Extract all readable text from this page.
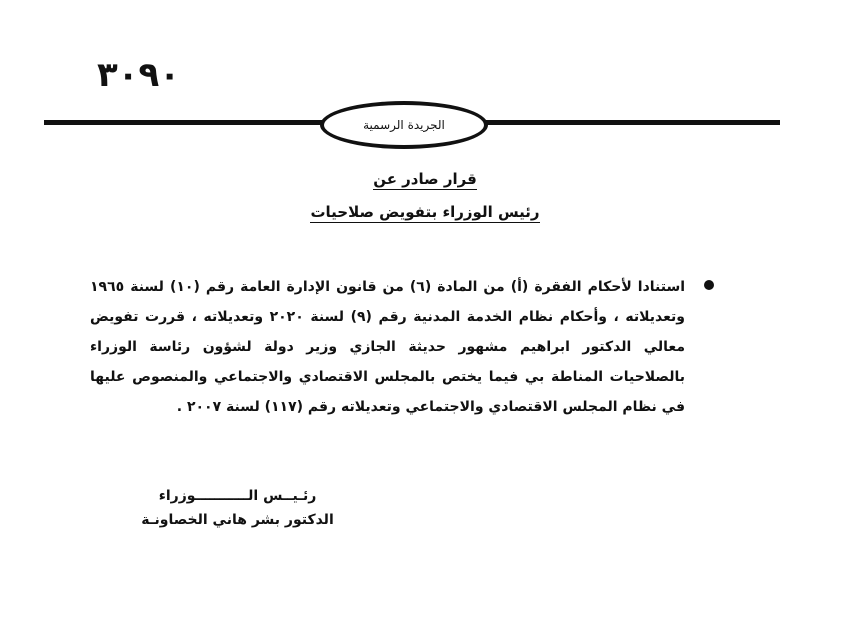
٣٠٩٠
الجريدة الرسمية
قرار صادر عن
رئيس الوزراء بتفويض صلاحيات
استنادا لأحكام الفقرة (أ) من المادة (٦) من قانون الإدارة العامة رقم (١٠) لسنة ١٩٦٥ وتعديلاته ، وأحكام نظام الخدمة المدنية رقم (٩) لسنة ٢٠٢٠ وتعديلاته ، قررت تفويض معالي الدكتور ابراهيم مشهور حديثة الجازي وزير دولة لشؤون رئاسة الوزراء بالصلاحيات المناطة بي فيما يختص بالمجلس الاقتصادي والاجتماعي والمنصوص عليها في نظام المجلس الاقتصادي والاجتماعي وتعديلاته رقم (١١٧) لسنة ٢٠٠٧ .
رئـيــس الـــــــــــوزراء
الدكتور بشر هاني الخصاونـة
